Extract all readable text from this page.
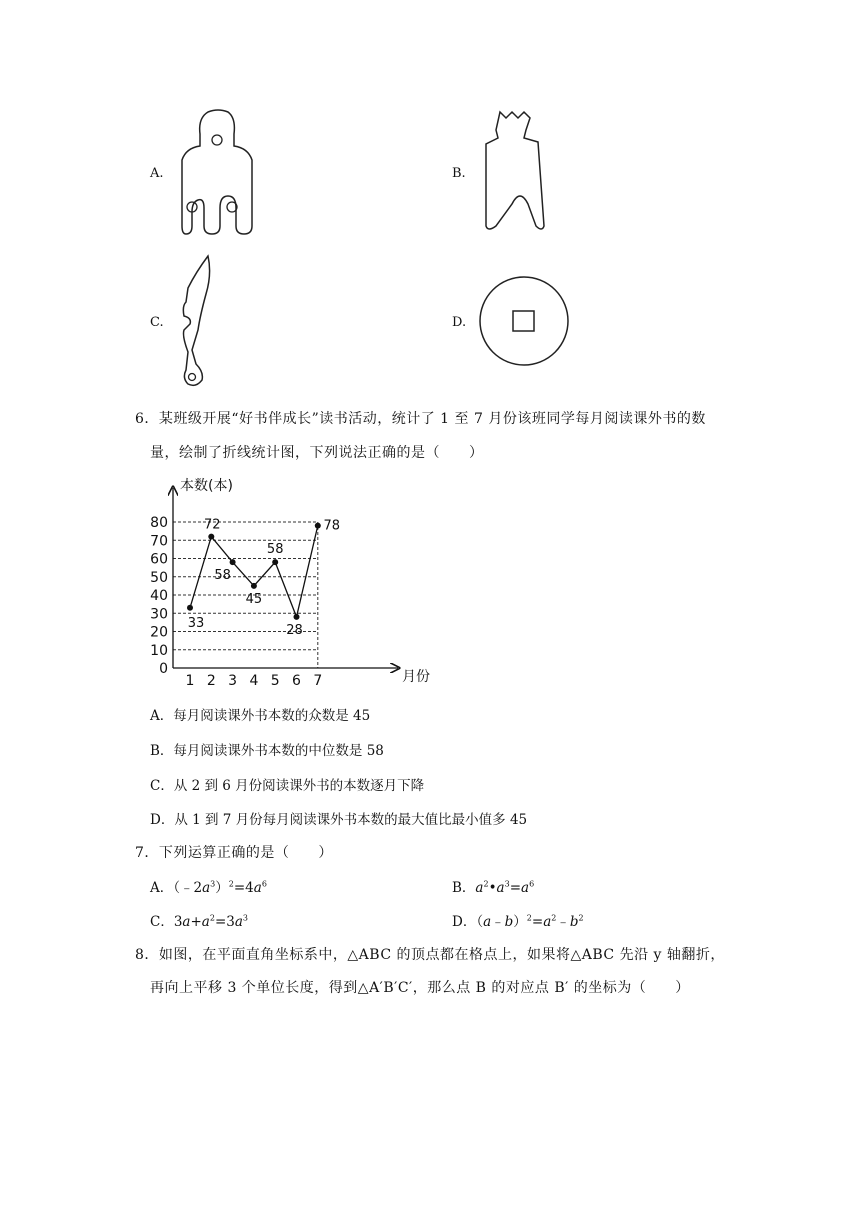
A.	B.
C.	D.
6．某班级开展“好书伴成长”读书活动，统计了 1 至 7 月份该班同学每月阅读课外书的数
量，绘制了折线统计图，下列说法正确的是（　　）
0
10
20
30
40
50
60
70
80
1 2 3 4 5 6 7
33
72
58
45
58
28
78
本数(本)
月份
A．每月阅读课外书本数的众数是 45
B．每月阅读课外书本数的中位数是 58
C．从 2 到 6 月份阅读课外书的本数逐月下降
D．从 1 到 7 月份每月阅读课外书本数的最大值比最小值多 45
7．下列运算正确的是（　　）
A．$(﹣2a^3)^2=4a^6$	B．$a^2•a^3=a^6$
C．$3a+a^2=3a^3$	D．$(a﹣b)^2=a^2﹣b^2$
8．如图，在平面直角坐标系中，△ABC 的顶点都在格点上，如果将△ABC 先沿 y 轴翻折，
再向上平移 3 个单位长度，得到△A′B′C′，那么点 B 的对应点 B′ 的坐标为（　　）
